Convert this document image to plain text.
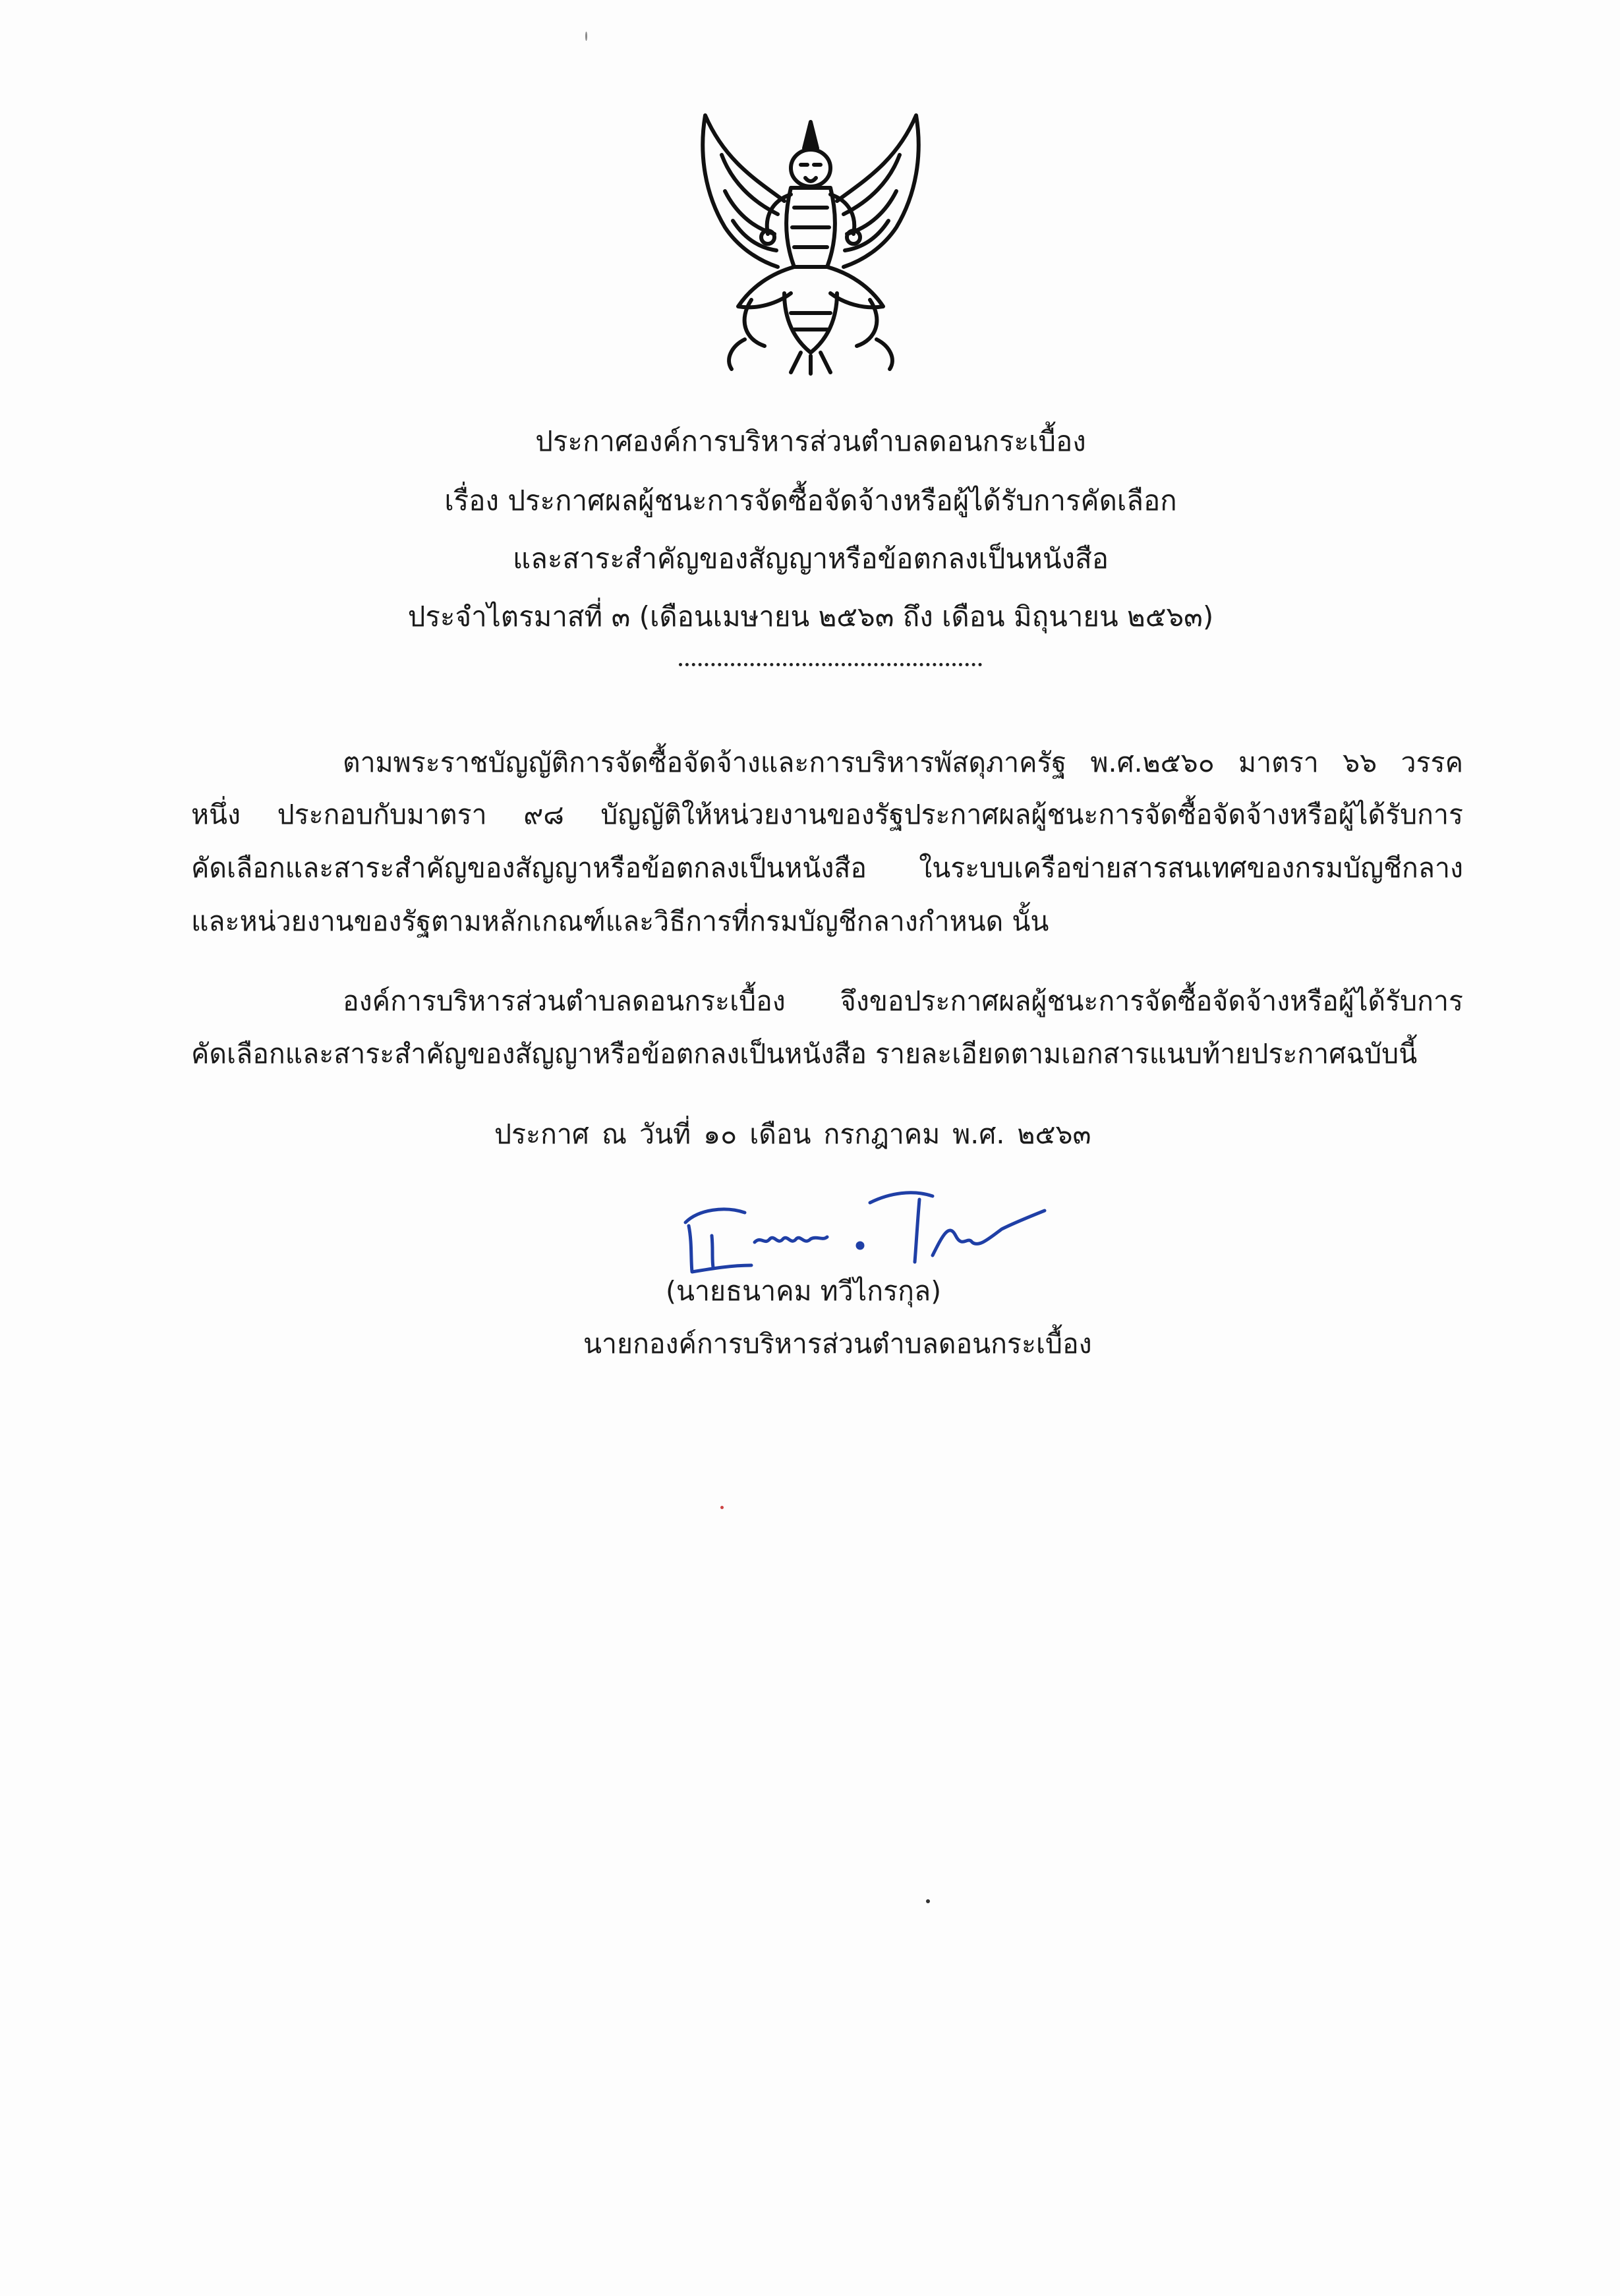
ประกาศองค์การบริหารส่วนตำบลดอนกระเบื้อง
เรื่อง ประกาศผลผู้ชนะการจัดซื้อจัดจ้างหรือผู้ได้รับการคัดเลือก
และสาระสำคัญของสัญญาหรือข้อตกลงเป็นหนังสือ
ประจำไตรมาสที่ ๓ (เดือนเมษายน ๒๕๖๓ ถึง เดือน มิถุนายน ๒๕๖๓)
ตามพระราชบัญญัติการจัดซื้อจัดจ้างและการบริหารพัสดุภาครัฐ พ.ศ.๒๕๖๐ มาตรา ๖๖ วรรค
หนึ่ง ประกอบกับมาตรา ๙๘ บัญญัติให้หน่วยงานของรัฐประกาศผลผู้ชนะการจัดซื้อจัดจ้างหรือผู้ได้รับการ
คัดเลือกและสาระสำคัญของสัญญาหรือข้อตกลงเป็นหนังสือ ในระบบเครือข่ายสารสนเทศของกรมบัญชีกลาง
และหน่วยงานของรัฐตามหลักเกณฑ์และวิธีการที่กรมบัญชีกลางกำหนด นั้น
องค์การบริหารส่วนตำบลดอนกระเบื้อง จึงขอประกาศผลผู้ชนะการจัดซื้อจัดจ้างหรือผู้ได้รับการ
คัดเลือกและสาระสำคัญของสัญญาหรือข้อตกลงเป็นหนังสือ รายละเอียดตามเอกสารแนบท้ายประกาศฉบับนี้
ประกาศ ณ วันที่ ๑๐ เดือน กรกฎาคม พ.ศ. ๒๕๖๓
(นายธนาคม ทวีไกรกุล)
นายกองค์การบริหารส่วนตำบลดอนกระเบื้อง
